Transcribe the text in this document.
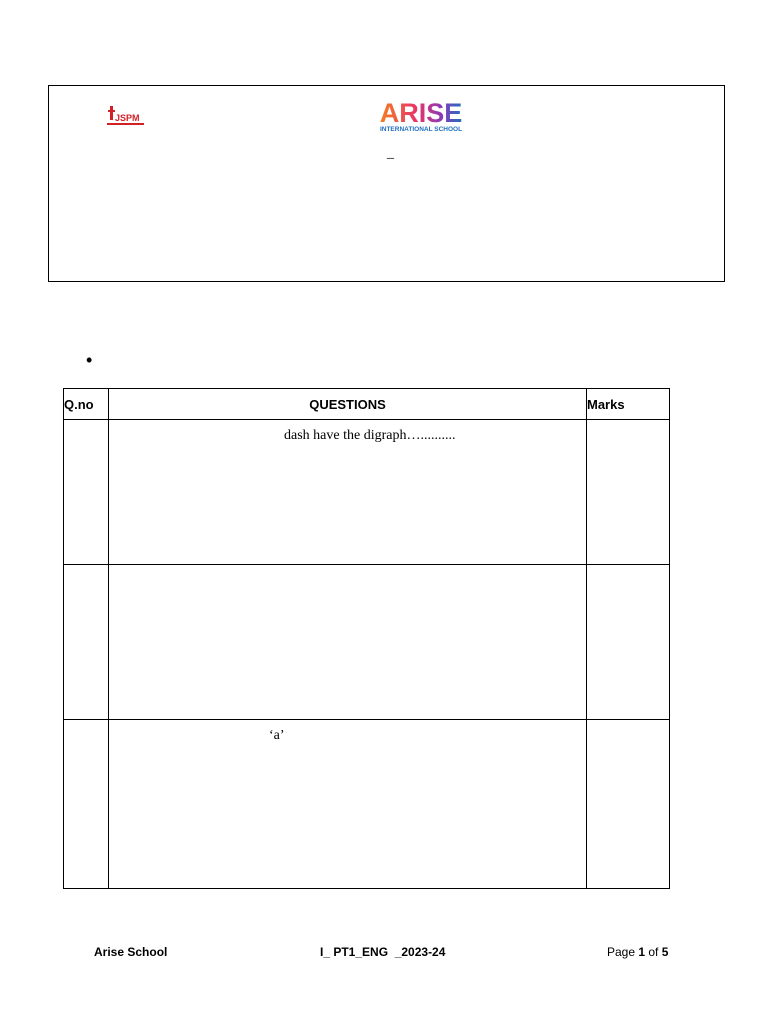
JSPM	ARISE
INTERNATIONAL SCHOOL
_
•
Q.no	QUESTIONS	Marks

	dash have the digraph…..........	

	‘a’	

Arise School	I_ PT1_ENG  _2023-24	Page 1 of 5
